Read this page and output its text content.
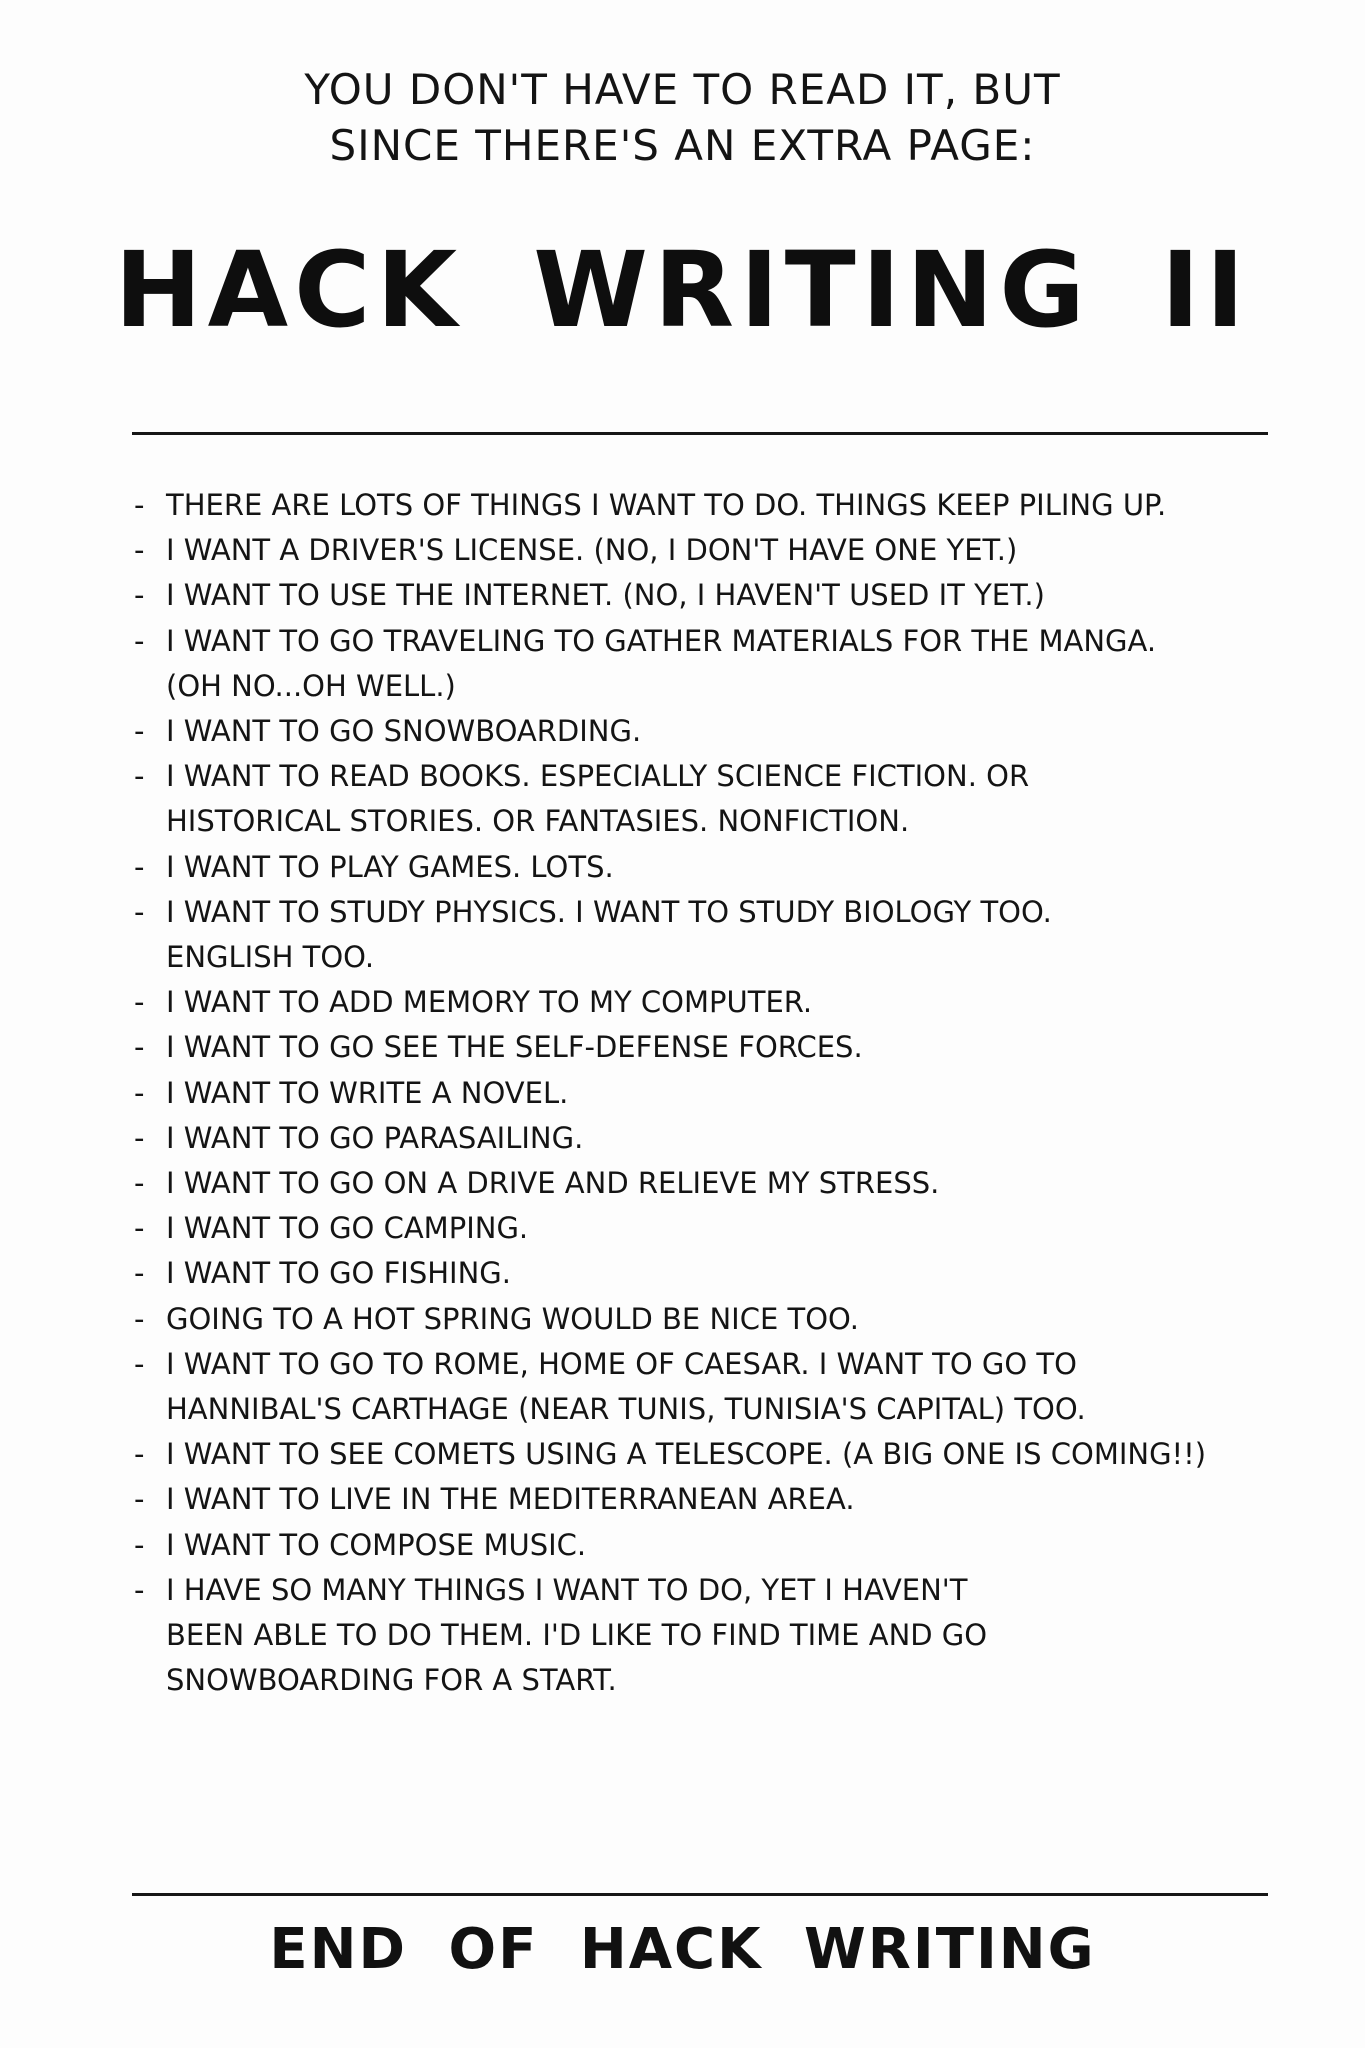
YOU DON'T HAVE TO READ IT, BUT
SINCE THERE'S AN EXTRA PAGE:
HACK WRITING II
- THERE ARE LOTS OF THINGS I WANT TO DO. THINGS KEEP PILING UP.
- I WANT A DRIVER'S LICENSE. (NO, I DON'T HAVE ONE YET.)
- I WANT TO USE THE INTERNET. (NO, I HAVEN'T USED IT YET.)
- I WANT TO GO TRAVELING TO GATHER MATERIALS FOR THE MANGA.
(OH NO...OH WELL.)
- I WANT TO GO SNOWBOARDING.
- I WANT TO READ BOOKS. ESPECIALLY SCIENCE FICTION. OR
HISTORICAL STORIES. OR FANTASIES. NONFICTION.
- I WANT TO PLAY GAMES. LOTS.
- I WANT TO STUDY PHYSICS. I WANT TO STUDY BIOLOGY TOO.
ENGLISH TOO.
- I WANT TO ADD MEMORY TO MY COMPUTER.
- I WANT TO GO SEE THE SELF-DEFENSE FORCES.
- I WANT TO WRITE A NOVEL.
- I WANT TO GO PARASAILING.
- I WANT TO GO ON A DRIVE AND RELIEVE MY STRESS.
- I WANT TO GO CAMPING.
- I WANT TO GO FISHING.
- GOING TO A HOT SPRING WOULD BE NICE TOO.
- I WANT TO GO TO ROME, HOME OF CAESAR. I WANT TO GO TO
HANNIBAL'S CARTHAGE (NEAR TUNIS, TUNISIA'S CAPITAL) TOO.
- I WANT TO SEE COMETS USING A TELESCOPE. (A BIG ONE IS COMING!!)
- I WANT TO LIVE IN THE MEDITERRANEAN AREA.
- I WANT TO COMPOSE MUSIC.
- I HAVE SO MANY THINGS I WANT TO DO, YET I HAVEN'T
BEEN ABLE TO DO THEM. I'D LIKE TO FIND TIME AND GO
SNOWBOARDING FOR A START.
END OF HACK WRITING
